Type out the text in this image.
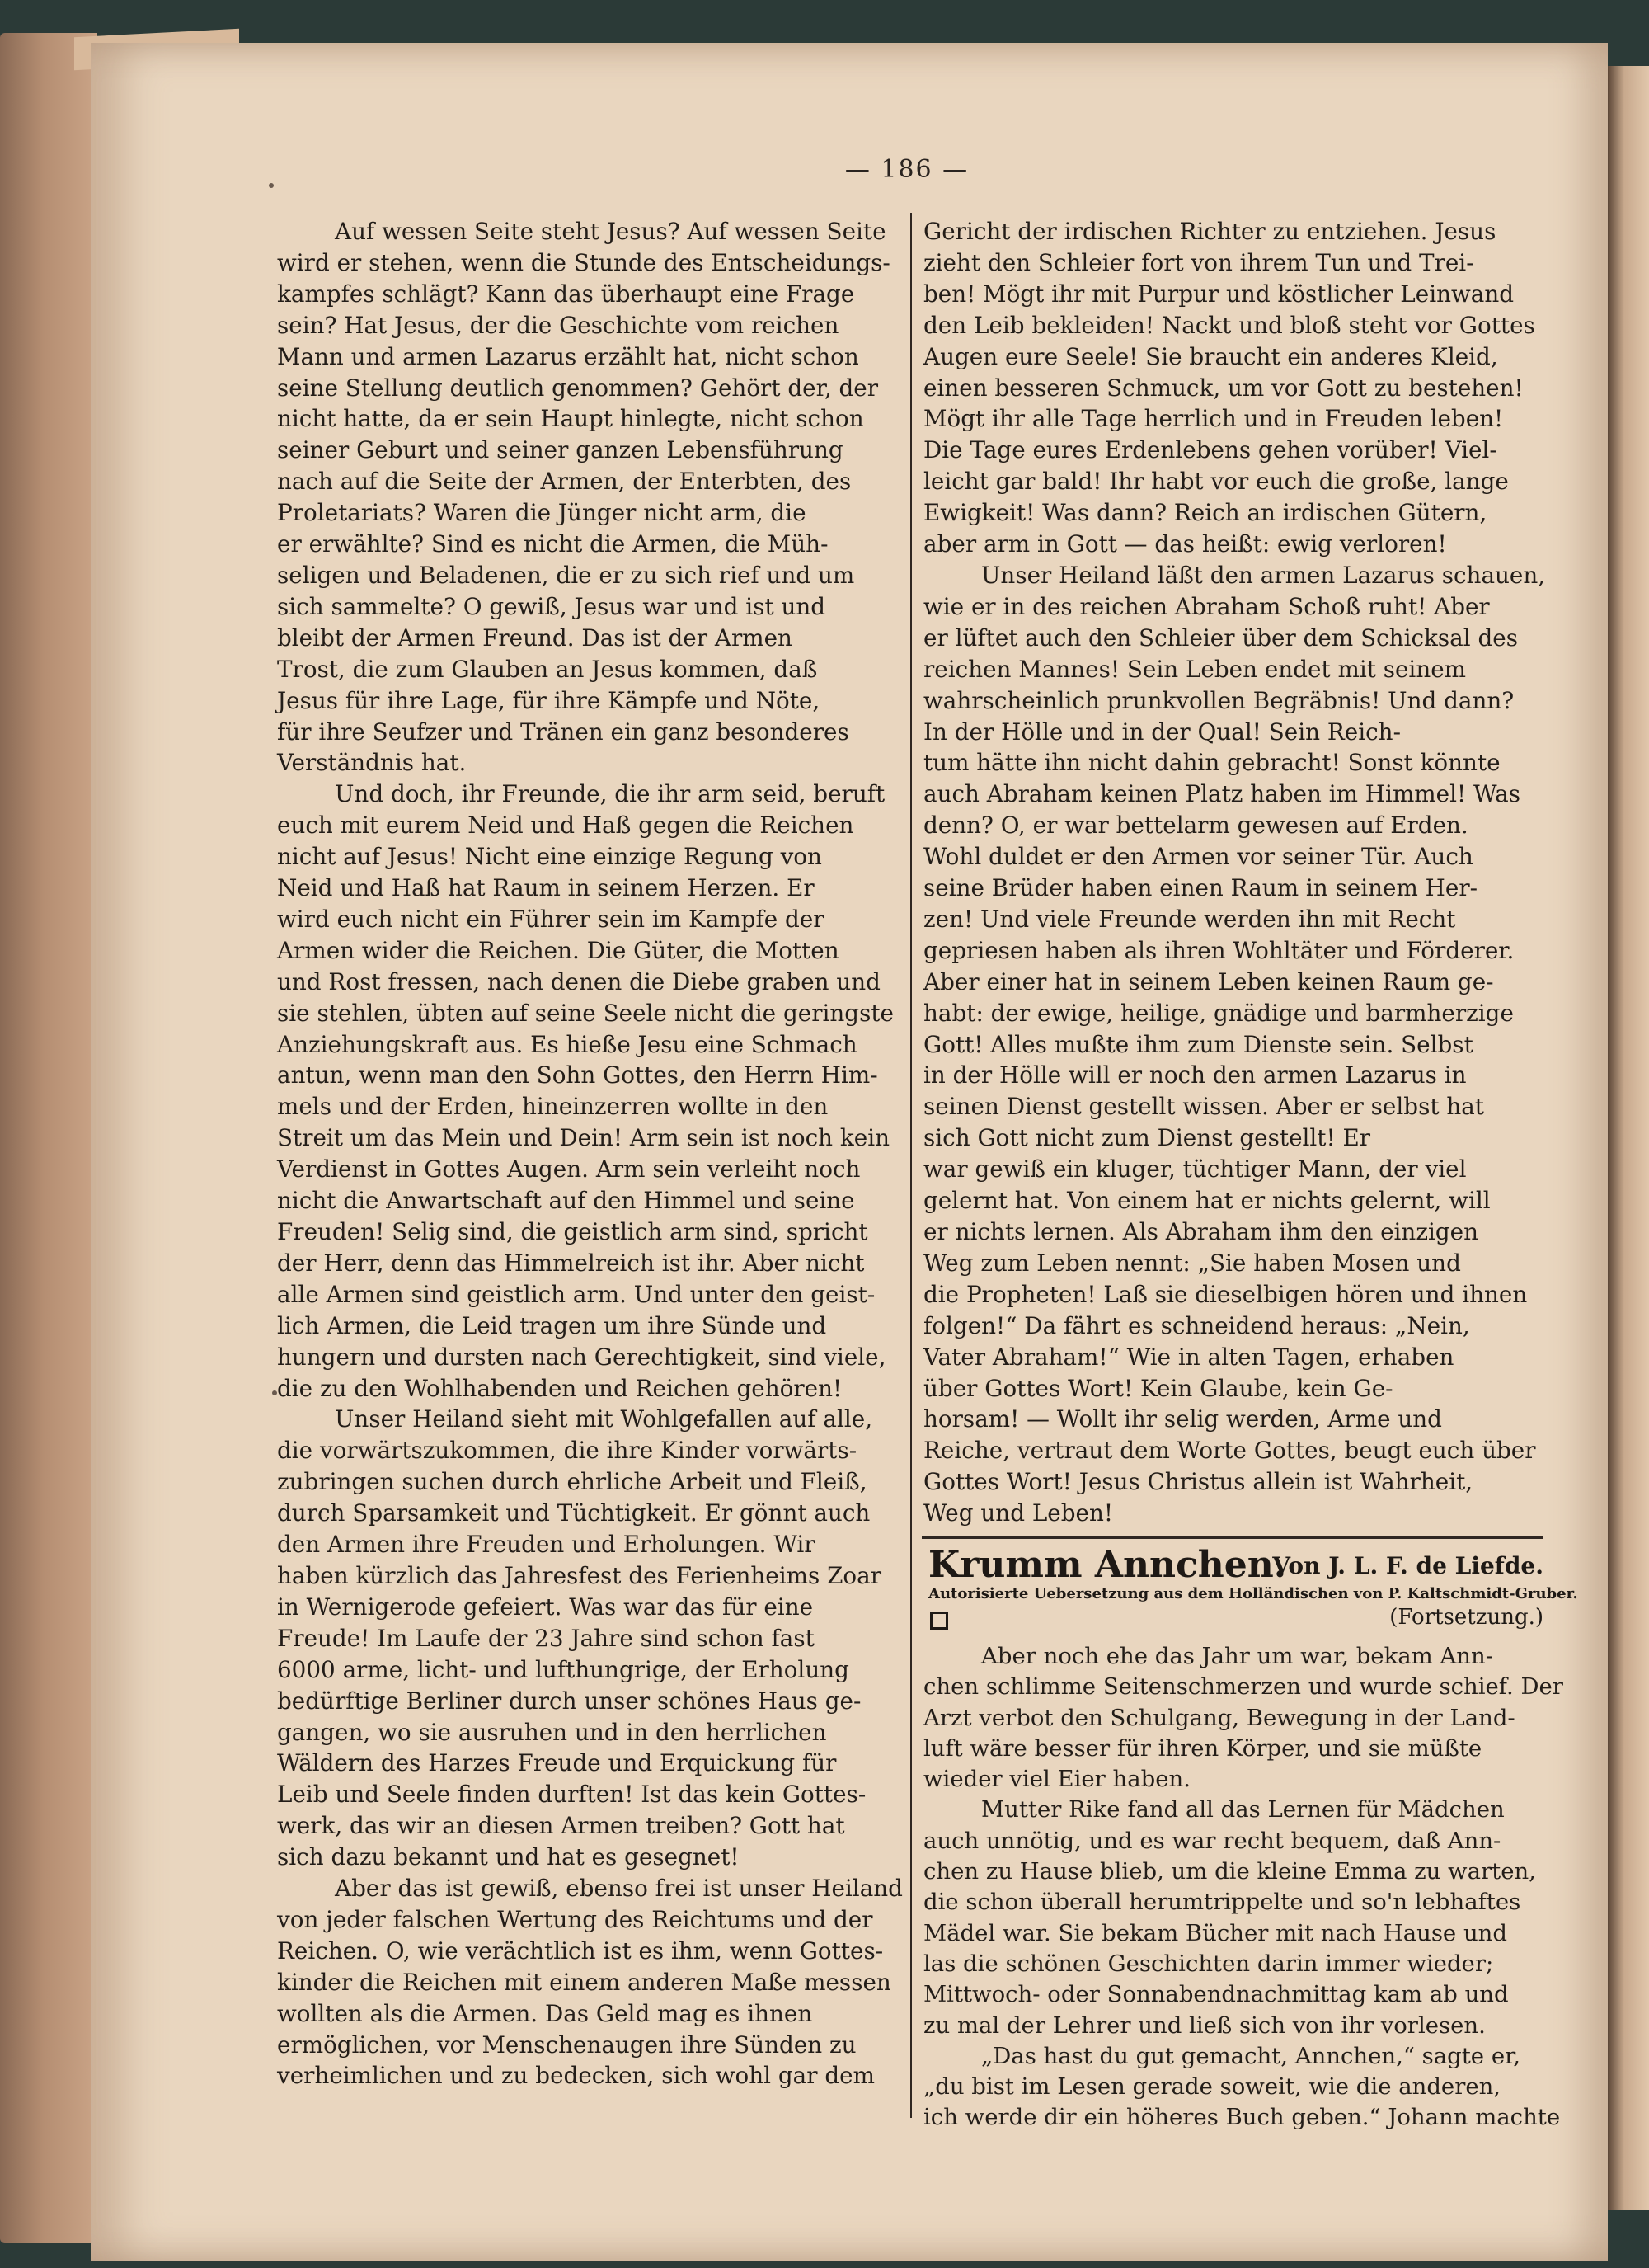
— 186 —

Auf wessen Seite steht Jesus? Auf wessen Seite
wird er stehen, wenn die Stunde des Entscheidungs-
kampfes schlägt? Kann das überhaupt eine Frage
sein? Hat Jesus, der die Geschichte vom reichen
Mann und armen Lazarus erzählt hat, nicht schon
seine Stellung deutlich genommen? Gehört der, der
nicht hatte, da er sein Haupt hinlegte, nicht schon
seiner Geburt und seiner ganzen Lebensführung
nach auf die Seite der Armen, der Enterbten, des
Proletariats? Waren die Jünger nicht arm, die
er erwählte? Sind es nicht die Armen, die Müh-
seligen und Beladenen, die er zu sich rief und um
sich sammelte? O gewiß, Jesus war und ist und
bleibt der Armen Freund. Das ist der Armen
Trost, die zum Glauben an Jesus kommen, daß
Jesus für ihre Lage, für ihre Kämpfe und Nöte,
für ihre Seufzer und Tränen ein ganz besonderes
Verständnis hat.
Und doch, ihr Freunde, die ihr arm seid, beruft
euch mit eurem Neid und Haß gegen die Reichen
nicht auf Jesus! Nicht eine einzige Regung von
Neid und Haß hat Raum in seinem Herzen. Er
wird euch nicht ein Führer sein im Kampfe der
Armen wider die Reichen. Die Güter, die Motten
und Rost fressen, nach denen die Diebe graben und
sie stehlen, übten auf seine Seele nicht die geringste
Anziehungskraft aus. Es hieße Jesu eine Schmach
antun, wenn man den Sohn Gottes, den Herrn Him-
mels und der Erden, hineinzerren wollte in den
Streit um das Mein und Dein! Arm sein ist noch kein
Verdienst in Gottes Augen. Arm sein verleiht noch
nicht die Anwartschaft auf den Himmel und seine
Freuden! Selig sind, die geistlich arm sind, spricht
der Herr, denn das Himmelreich ist ihr. Aber nicht
alle Armen sind geistlich arm. Und unter den geist-
lich Armen, die Leid tragen um ihre Sünde und
hungern und dursten nach Gerechtigkeit, sind viele,
die zu den Wohlhabenden und Reichen gehören!
Unser Heiland sieht mit Wohlgefallen auf alle,
die vorwärtszukommen, die ihre Kinder vorwärts-
zubringen suchen durch ehrliche Arbeit und Fleiß,
durch Sparsamkeit und Tüchtigkeit. Er gönnt auch
den Armen ihre Freuden und Erholungen. Wir
haben kürzlich das Jahresfest des Ferienheims Zoar
in Wernigerode gefeiert. Was war das für eine
Freude! Im Laufe der 23 Jahre sind schon fast
6000 arme, licht- und lufthungrige, der Erholung
bedürftige Berliner durch unser schönes Haus ge-
gangen, wo sie ausruhen und in den herrlichen
Wäldern des Harzes Freude und Erquickung für
Leib und Seele finden durften! Ist das kein Gottes-
werk, das wir an diesen Armen treiben? Gott hat
sich dazu bekannt und hat es gesegnet!
Aber das ist gewiß, ebenso frei ist unser Heiland
von jeder falschen Wertung des Reichtums und der
Reichen. O, wie verächtlich ist es ihm, wenn Gottes-
kinder die Reichen mit einem anderen Maße messen
wollten als die Armen. Das Geld mag es ihnen
ermöglichen, vor Menschenaugen ihre Sünden zu
verheimlichen und zu bedecken, sich wohl gar dem

Gericht der irdischen Richter zu entziehen. Jesus
zieht den Schleier fort von ihrem Tun und Trei-
ben! Mögt ihr mit Purpur und köstlicher Leinwand
den Leib bekleiden! Nackt und bloß steht vor Gottes
Augen eure Seele! Sie braucht ein anderes Kleid,
einen besseren Schmuck, um vor Gott zu bestehen!
Mögt ihr alle Tage herrlich und in Freuden leben!
Die Tage eures Erdenlebens gehen vorüber! Viel-
leicht gar bald! Ihr habt vor euch die große, lange
Ewigkeit! Was dann? Reich an irdischen Gütern,
aber arm in Gott — das heißt: ewig verloren!
Unser Heiland läßt den armen Lazarus schauen,
wie er in des reichen Abraham Schoß ruht! Aber
er lüftet auch den Schleier über dem Schicksal des
reichen Mannes! Sein Leben endet mit seinem
wahrscheinlich prunkvollen Begräbnis! Und dann?
In der Hölle und in der Qual! Sein Reich-
tum hätte ihn nicht dahin gebracht! Sonst könnte
auch Abraham keinen Platz haben im Himmel! Was
denn? O, er war bettelarm gewesen auf Erden.
Wohl duldet er den Armen vor seiner Tür. Auch
seine Brüder haben einen Raum in seinem Her-
zen! Und viele Freunde werden ihn mit Recht
gepriesen haben als ihren Wohltäter und Förderer.
Aber einer hat in seinem Leben keinen Raum ge-
habt: der ewige, heilige, gnädige und barmherzige
Gott! Alles mußte ihm zum Dienste sein. Selbst
in der Hölle will er noch den armen Lazarus in
seinen Dienst gestellt wissen. Aber er selbst hat
sich Gott nicht zum Dienst gestellt! Er
war gewiß ein kluger, tüchtiger Mann, der viel
gelernt hat. Von einem hat er nichts gelernt, will
er nichts lernen. Als Abraham ihm den einzigen
Weg zum Leben nennt: „Sie haben Mosen und
die Propheten! Laß sie dieselbigen hören und ihnen
folgen!“ Da fährt es schneidend heraus: „Nein,
Vater Abraham!“ Wie in alten Tagen, erhaben
über Gottes Wort! Kein Glaube, kein Ge-
horsam! — Wollt ihr selig werden, Arme und
Reiche, vertraut dem Worte Gottes, beugt euch über
Gottes Wort! Jesus Christus allein ist Wahrheit,
Weg und Leben!

Krumm Annchen.
Von J. L. F. de Liefde.
Autorisierte Uebersetzung aus dem Holländischen von P. Kaltschmidt-Gruber.
(Fortsetzung.)
Aber noch ehe das Jahr um war, bekam Ann-
chen schlimme Seitenschmerzen und wurde schief. Der
Arzt verbot den Schulgang, Bewegung in der Land-
luft wäre besser für ihren Körper, und sie müßte
wieder viel Eier haben.
Mutter Rike fand all das Lernen für Mädchen
auch unnötig, und es war recht bequem, daß Ann-
chen zu Hause blieb, um die kleine Emma zu warten,
die schon überall herumtrippelte und so'n lebhaftes
Mädel war. Sie bekam Bücher mit nach Hause und
las die schönen Geschichten darin immer wieder;
Mittwoch- oder Sonnabendnachmittag kam ab und
zu mal der Lehrer und ließ sich von ihr vorlesen.
„Das hast du gut gemacht, Annchen,“ sagte er,
„du bist im Lesen gerade soweit, wie die anderen,
ich werde dir ein höheres Buch geben.“ Johann machte
